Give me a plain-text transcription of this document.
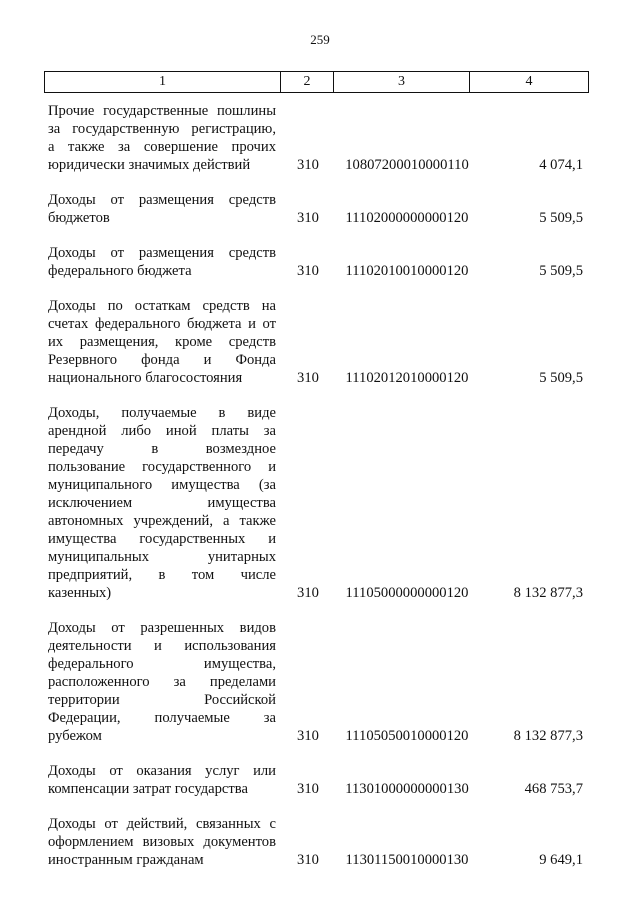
259
1	2	3	4
Прочие государственные пошлины
за государственную регистрацию,
а также за совершение прочих
юридически значимых действий	310	10807200010000110	4 074,1
Доходы от размещения средств
бюджетов	310	11102000000000120	5 509,5
Доходы от размещения средств
федерального бюджета	310	11102010010000120	5 509,5
Доходы по остаткам средств на
счетах федерального бюджета и от
их размещения, кроме средств
Резервного фонда и Фонда
национального благосостояния	310	11102012010000120	5 509,5
Доходы, получаемые в виде
арендной либо иной платы за
передачу в возмездное
пользование государственного и
муниципального имущества (за
исключением имущества
автономных учреждений, а также
имущества государственных и
муниципальных унитарных
предприятий, в том числе
казенных)	310	11105000000000120	8 132 877,3
Доходы от разрешенных видов
деятельности и использования
федерального имущества,
расположенного за пределами
территории Российской
Федерации, получаемые за
рубежом	310	11105050010000120	8 132 877,3
Доходы от оказания услуг или
компенсации затрат государства	310	11301000000000130	468 753,7
Доходы от действий, связанных с
оформлением визовых документов
иностранным гражданам	310	11301150010000130	9 649,1
